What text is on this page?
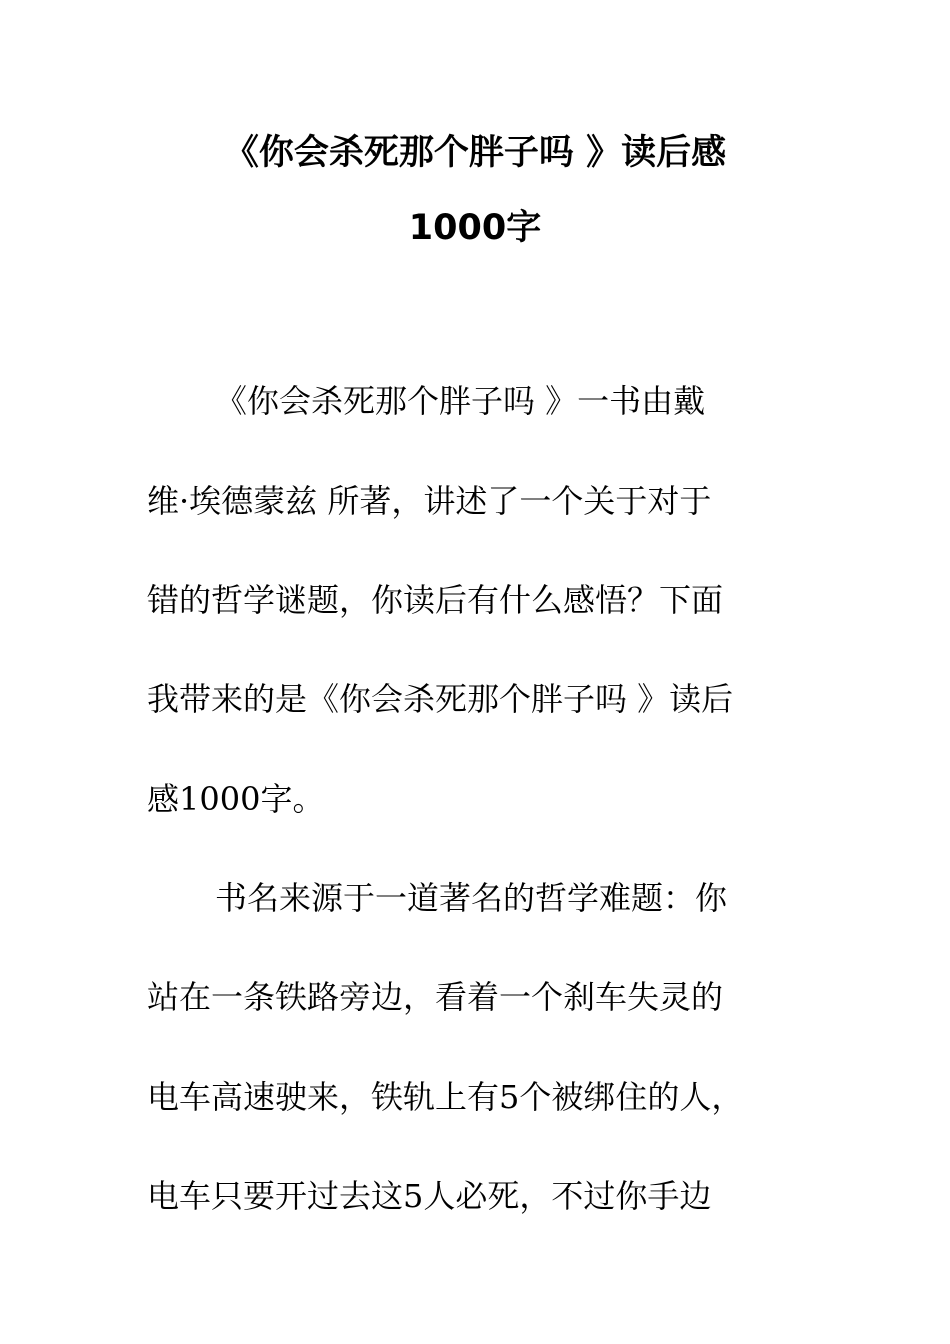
《你会杀死那个胖子吗 》读后感
1000字
《你会杀死那个胖子吗 》一书由戴
维·埃德蒙兹 所著，讲述了一个关于对于
错的哲学谜题，你读后有什么感悟？下面
我带来的是《你会杀死那个胖子吗 》读后
感1000字。
书名来源于一道著名的哲学难题：你
站在一条铁路旁边，看着一个刹车失灵的
电车高速驶来，铁轨上有5个被绑住的人，
电车只要开过去这5人必死，不过你手边
